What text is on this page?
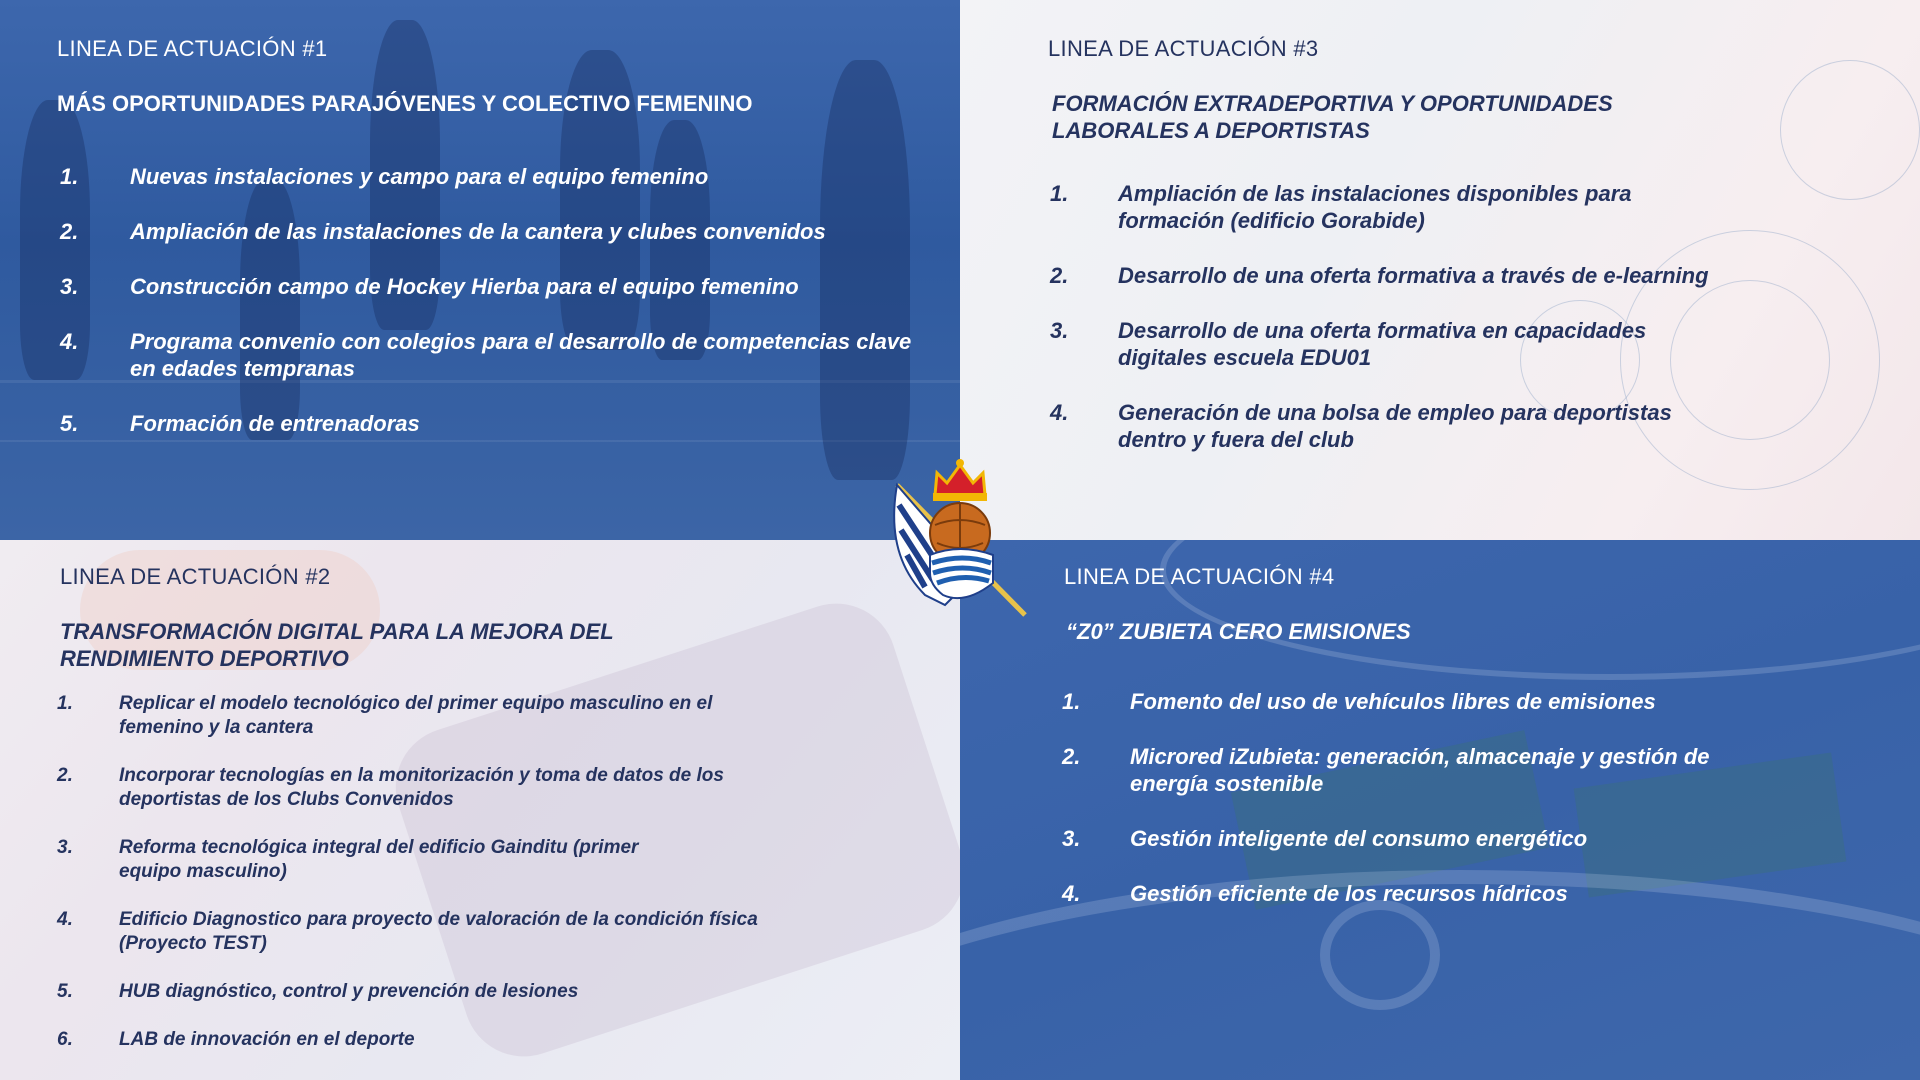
LINEA DE ACTUACIÓN #1
MÁS OPORTUNIDADES PARAJÓVENES Y COLECTIVO FEMENINO
1.	Nuevas instalaciones y campo para el equipo femenino
2.	Ampliación de las instalaciones de la cantera y clubes convenidos
3.	Construcción campo de Hockey Hierba para el equipo femenino
4.	Programa convenio con colegios para el desarrollo de competencias clave en edades tempranas
5.	Formación de entrenadoras
LINEA DE ACTUACIÓN #3
FORMACIÓN EXTRADEPORTIVA Y OPORTUNIDADES LABORALES A DEPORTISTAS
1.	Ampliación de las instalaciones disponibles para formación (edificio Gorabide)
2.	Desarrollo de una oferta formativa a través de e-learning
3.	Desarrollo de una oferta formativa en capacidades digitales escuela EDU01
4.	Generación de una bolsa de empleo para deportistas dentro y fuera del club
LINEA DE ACTUACIÓN #2
TRANSFORMACIÓN DIGITAL PARA LA MEJORA DEL RENDIMIENTO DEPORTIVO
1.	Replicar el modelo tecnológico del primer equipo masculino en el femenino y la cantera
2.	Incorporar tecnologías en la monitorización y toma de datos de los deportistas de los Clubs Convenidos
3.	Reforma tecnológica integral del edificio Gainditu (primer equipo masculino)
4.	Edificio Diagnostico para proyecto de valoración de la condición física (Proyecto TEST)
5.	HUB diagnóstico, control y prevención de lesiones
6.	LAB de innovación en el deporte
LINEA DE ACTUACIÓN #4
“Z0” ZUBIETA CERO EMISIONES
1.	Fomento del uso de vehículos libres de emisiones
2.	Microred iZubieta: generación, almacenaje y gestión de energía sostenible
3.	Gestión inteligente del consumo energético
4.	Gestión eficiente de los recursos hídricos
